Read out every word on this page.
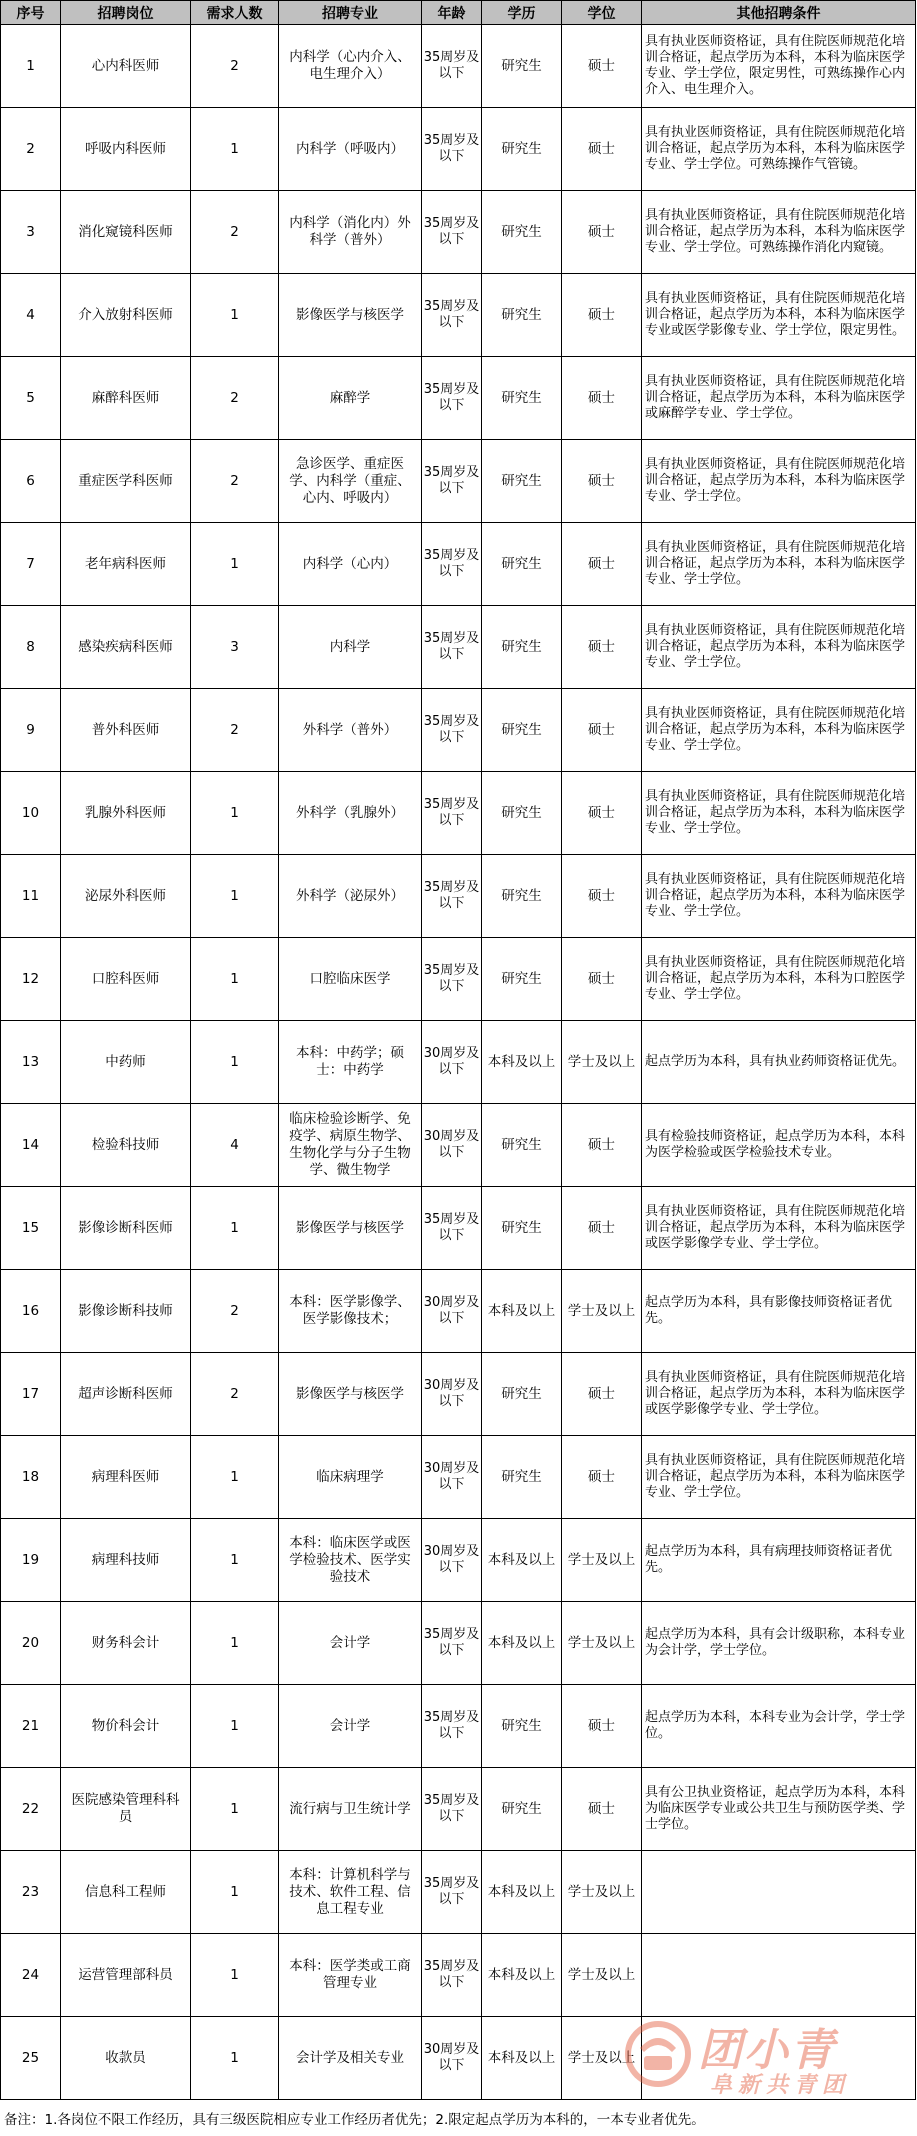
序号	招聘岗位	需求人数	招聘专业	年龄	学历	学位	其他招聘条件
1	心内科医师	2	内科学（心内介入、电生理介入）	35周岁及以下	研究生	硕士	具有执业医师资格证，具有住院医师规范化培训合格证，起点学历为本科，本科为临床医学专业、学士学位，限定男性，可熟练操作心内介入、电生理介入。
2	呼吸内科医师	1	内科学（呼吸内）	35周岁及以下	研究生	硕士	具有执业医师资格证，具有住院医师规范化培训合格证，起点学历为本科，本科为临床医学专业、学士学位。可熟练操作气管镜。
3	消化窥镜科医师	2	内科学（消化内）外科学（普外）	35周岁及以下	研究生	硕士	具有执业医师资格证，具有住院医师规范化培训合格证，起点学历为本科，本科为临床医学专业、学士学位。可熟练操作消化内窥镜。
4	介入放射科医师	1	影像医学与核医学	35周岁及以下	研究生	硕士	具有执业医师资格证，具有住院医师规范化培训合格证，起点学历为本科，本科为临床医学专业或医学影像专业、学士学位，限定男性。
5	麻醉科医师	2	麻醉学	35周岁及以下	研究生	硕士	具有执业医师资格证，具有住院医师规范化培训合格证，起点学历为本科，本科为临床医学或麻醉学专业、学士学位。
6	重症医学科医师	2	急诊医学、重症医学、内科学（重症、心内、呼吸内）	35周岁及以下	研究生	硕士	具有执业医师资格证，具有住院医师规范化培训合格证，起点学历为本科，本科为临床医学专业、学士学位。
7	老年病科医师	1	内科学（心内）	35周岁及以下	研究生	硕士	具有执业医师资格证，具有住院医师规范化培训合格证，起点学历为本科，本科为临床医学专业、学士学位。
8	感染疾病科医师	3	内科学	35周岁及以下	研究生	硕士	具有执业医师资格证，具有住院医师规范化培训合格证，起点学历为本科，本科为临床医学专业、学士学位。
9	普外科医师	2	外科学（普外）	35周岁及以下	研究生	硕士	具有执业医师资格证，具有住院医师规范化培训合格证，起点学历为本科，本科为临床医学专业、学士学位。
10	乳腺外科医师	1	外科学（乳腺外）	35周岁及以下	研究生	硕士	具有执业医师资格证，具有住院医师规范化培训合格证，起点学历为本科，本科为临床医学专业、学士学位。
11	泌尿外科医师	1	外科学（泌尿外）	35周岁及以下	研究生	硕士	具有执业医师资格证，具有住院医师规范化培训合格证，起点学历为本科，本科为临床医学专业、学士学位。
12	口腔科医师	1	口腔临床医学	35周岁及以下	研究生	硕士	具有执业医师资格证，具有住院医师规范化培训合格证，起点学历为本科，本科为口腔医学专业、学士学位。
13	中药师	1	本科：中药学；硕士：中药学	30周岁及以下	本科及以上	学士及以上	起点学历为本科，具有执业药师资格证优先。
14	检验科技师	4	临床检验诊断学、免疫学、病原生物学、生物化学与分子生物学、微生物学	30周岁及以下	研究生	硕士	具有检验技师资格证，起点学历为本科，本科为医学检验或医学检验技术专业。
15	影像诊断科医师	1	影像医学与核医学	35周岁及以下	研究生	硕士	具有执业医师资格证，具有住院医师规范化培训合格证，起点学历为本科，本科为临床医学或医学影像学专业、学士学位。
16	影像诊断科技师	2	本科：医学影像学、医学影像技术；	30周岁及以下	本科及以上	学士及以上	起点学历为本科，具有影像技师资格证者优先。
17	超声诊断科医师	2	影像医学与核医学	30周岁及以下	研究生	硕士	具有执业医师资格证，具有住院医师规范化培训合格证，起点学历为本科，本科为临床医学或医学影像学专业、学士学位。
18	病理科医师	1	临床病理学	30周岁及以下	研究生	硕士	具有执业医师资格证，具有住院医师规范化培训合格证，起点学历为本科，本科为临床医学专业、学士学位。
19	病理科技师	1	本科：临床医学或医学检验技术、医学实验技术	30周岁及以下	本科及以上	学士及以上	起点学历为本科，具有病理技师资格证者优先。
20	财务科会计	1	会计学	35周岁及以下	本科及以上	学士及以上	起点学历为本科，具有会计级职称，本科专业为会计学，学士学位。
21	物价科会计	1	会计学	35周岁及以下	研究生	硕士	起点学历为本科，本科专业为会计学，学士学位。
22	医院感染管理科科员	1	流行病与卫生统计学	35周岁及以下	研究生	硕士	具有公卫执业资格证，起点学历为本科，本科为临床医学专业或公共卫生与预防医学类、学士学位。
23	信息科工程师	1	本科：计算机科学与技术、软件工程、信息工程专业	35周岁及以下	本科及以上	学士及以上	
24	运营管理部科员	1	本科：医学类或工商管理专业	35周岁及以下	本科及以上	学士及以上	
25	收款员	1	会计学及相关专业	30周岁及以下	本科及以上	学士及以上	团小青
阜新共青团
备注：1.各岗位不限工作经历，具有三级医院相应专业工作经历者优先；2.限定起点学历为本科的，一本专业者优先。
